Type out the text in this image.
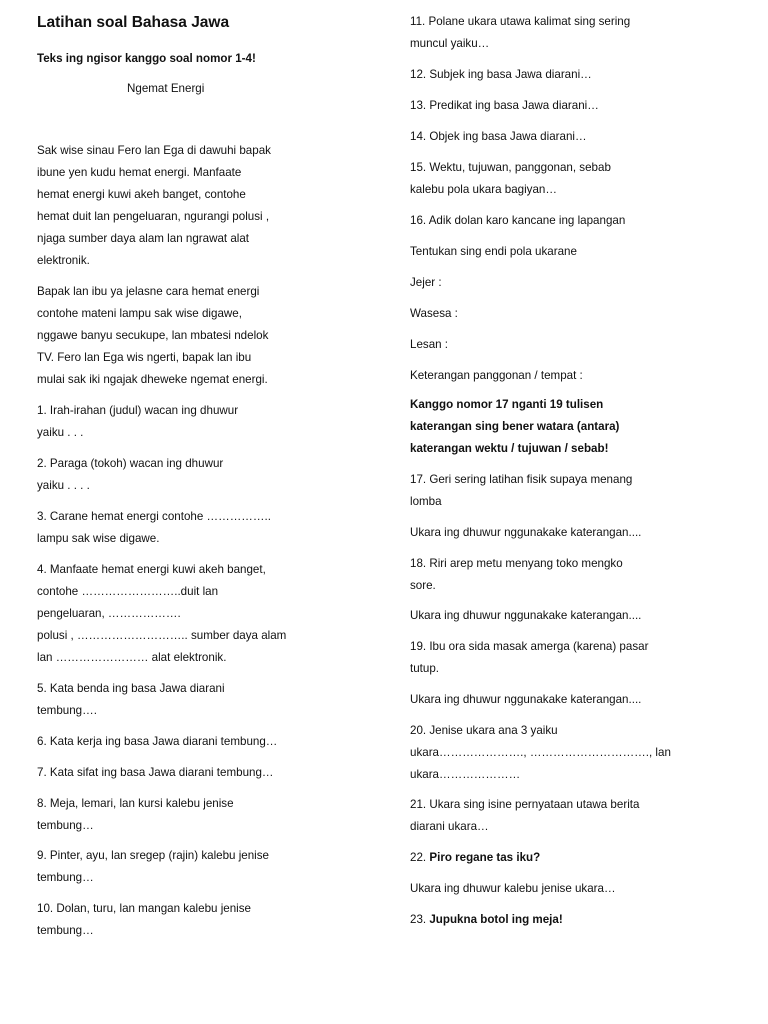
Latihan soal Bahasa Jawa
Teks ing ngisor kanggo soal nomor 1-4!
Ngemat Energi
Sak wise sinau Fero lan Ega di dawuhi bapak
ibune yen kudu hemat energi. Manfaate
hemat energi kuwi akeh banget, contohe
hemat duit lan pengeluaran, ngurangi polusi ,
njaga sumber daya alam lan ngrawat alat
elektronik.
Bapak lan ibu ya jelasne cara hemat energi
contohe mateni lampu sak wise digawe,
nggawe banyu secukupe, lan mbatesi ndelok
TV. Fero lan Ega wis ngerti, bapak lan ibu
mulai sak iki ngajak dheweke ngemat energi.
1. Irah-irahan (judul) wacan ing dhuwur
yaiku . . .
2. Paraga (tokoh) wacan ing dhuwur
yaiku . . . .
3. Carane hemat energi contohe ……………..
lampu sak wise digawe.
4. Manfaate hemat energi kuwi akeh banget,
contohe ……………………..duit lan
pengeluaran, ……………….
polusi , ……………………….. sumber daya alam
lan …………………… alat elektronik.
5. Kata benda ing basa Jawa diarani
tembung….
6. Kata kerja ing basa Jawa diarani tembung…
7. Kata sifat ing basa Jawa diarani tembung…
8. Meja, lemari, lan kursi kalebu jenise
tembung…
9. Pinter, ayu, lan sregep (rajin) kalebu jenise
tembung…
10. Dolan, turu, lan mangan kalebu jenise
tembung…
11. Polane ukara utawa kalimat sing sering
muncul yaiku…
12. Subjek ing basa Jawa diarani…
13. Predikat ing basa Jawa diarani…
14. Objek ing basa Jawa diarani…
15. Wektu, tujuwan, panggonan, sebab
kalebu pola ukara bagiyan…
16. Adik dolan karo kancane ing lapangan
Tentukan sing endi pola ukarane
Jejer :
Wasesa :
Lesan :
Keterangan panggonan / tempat :
Kanggo nomor 17 nganti 19 tulisen
katerangan sing bener watara (antara)
katerangan wektu / tujuwan / sebab!
17. Geri sering latihan fisik supaya menang
lomba
Ukara ing dhuwur nggunakake katerangan....
18. Riri arep metu menyang toko mengko
sore.
Ukara ing dhuwur nggunakake katerangan....
19. Ibu ora sida masak amerga (karena) pasar
tutup.
Ukara ing dhuwur nggunakake katerangan....
20. Jenise ukara ana 3 yaiku
ukara…………………., …………………………., lan
ukara…………………
21. Ukara sing isine pernyataan utawa berita
diarani ukara…
22. Piro regane tas iku?
Ukara ing dhuwur kalebu jenise ukara…
23. Jupukna botol ing meja!
